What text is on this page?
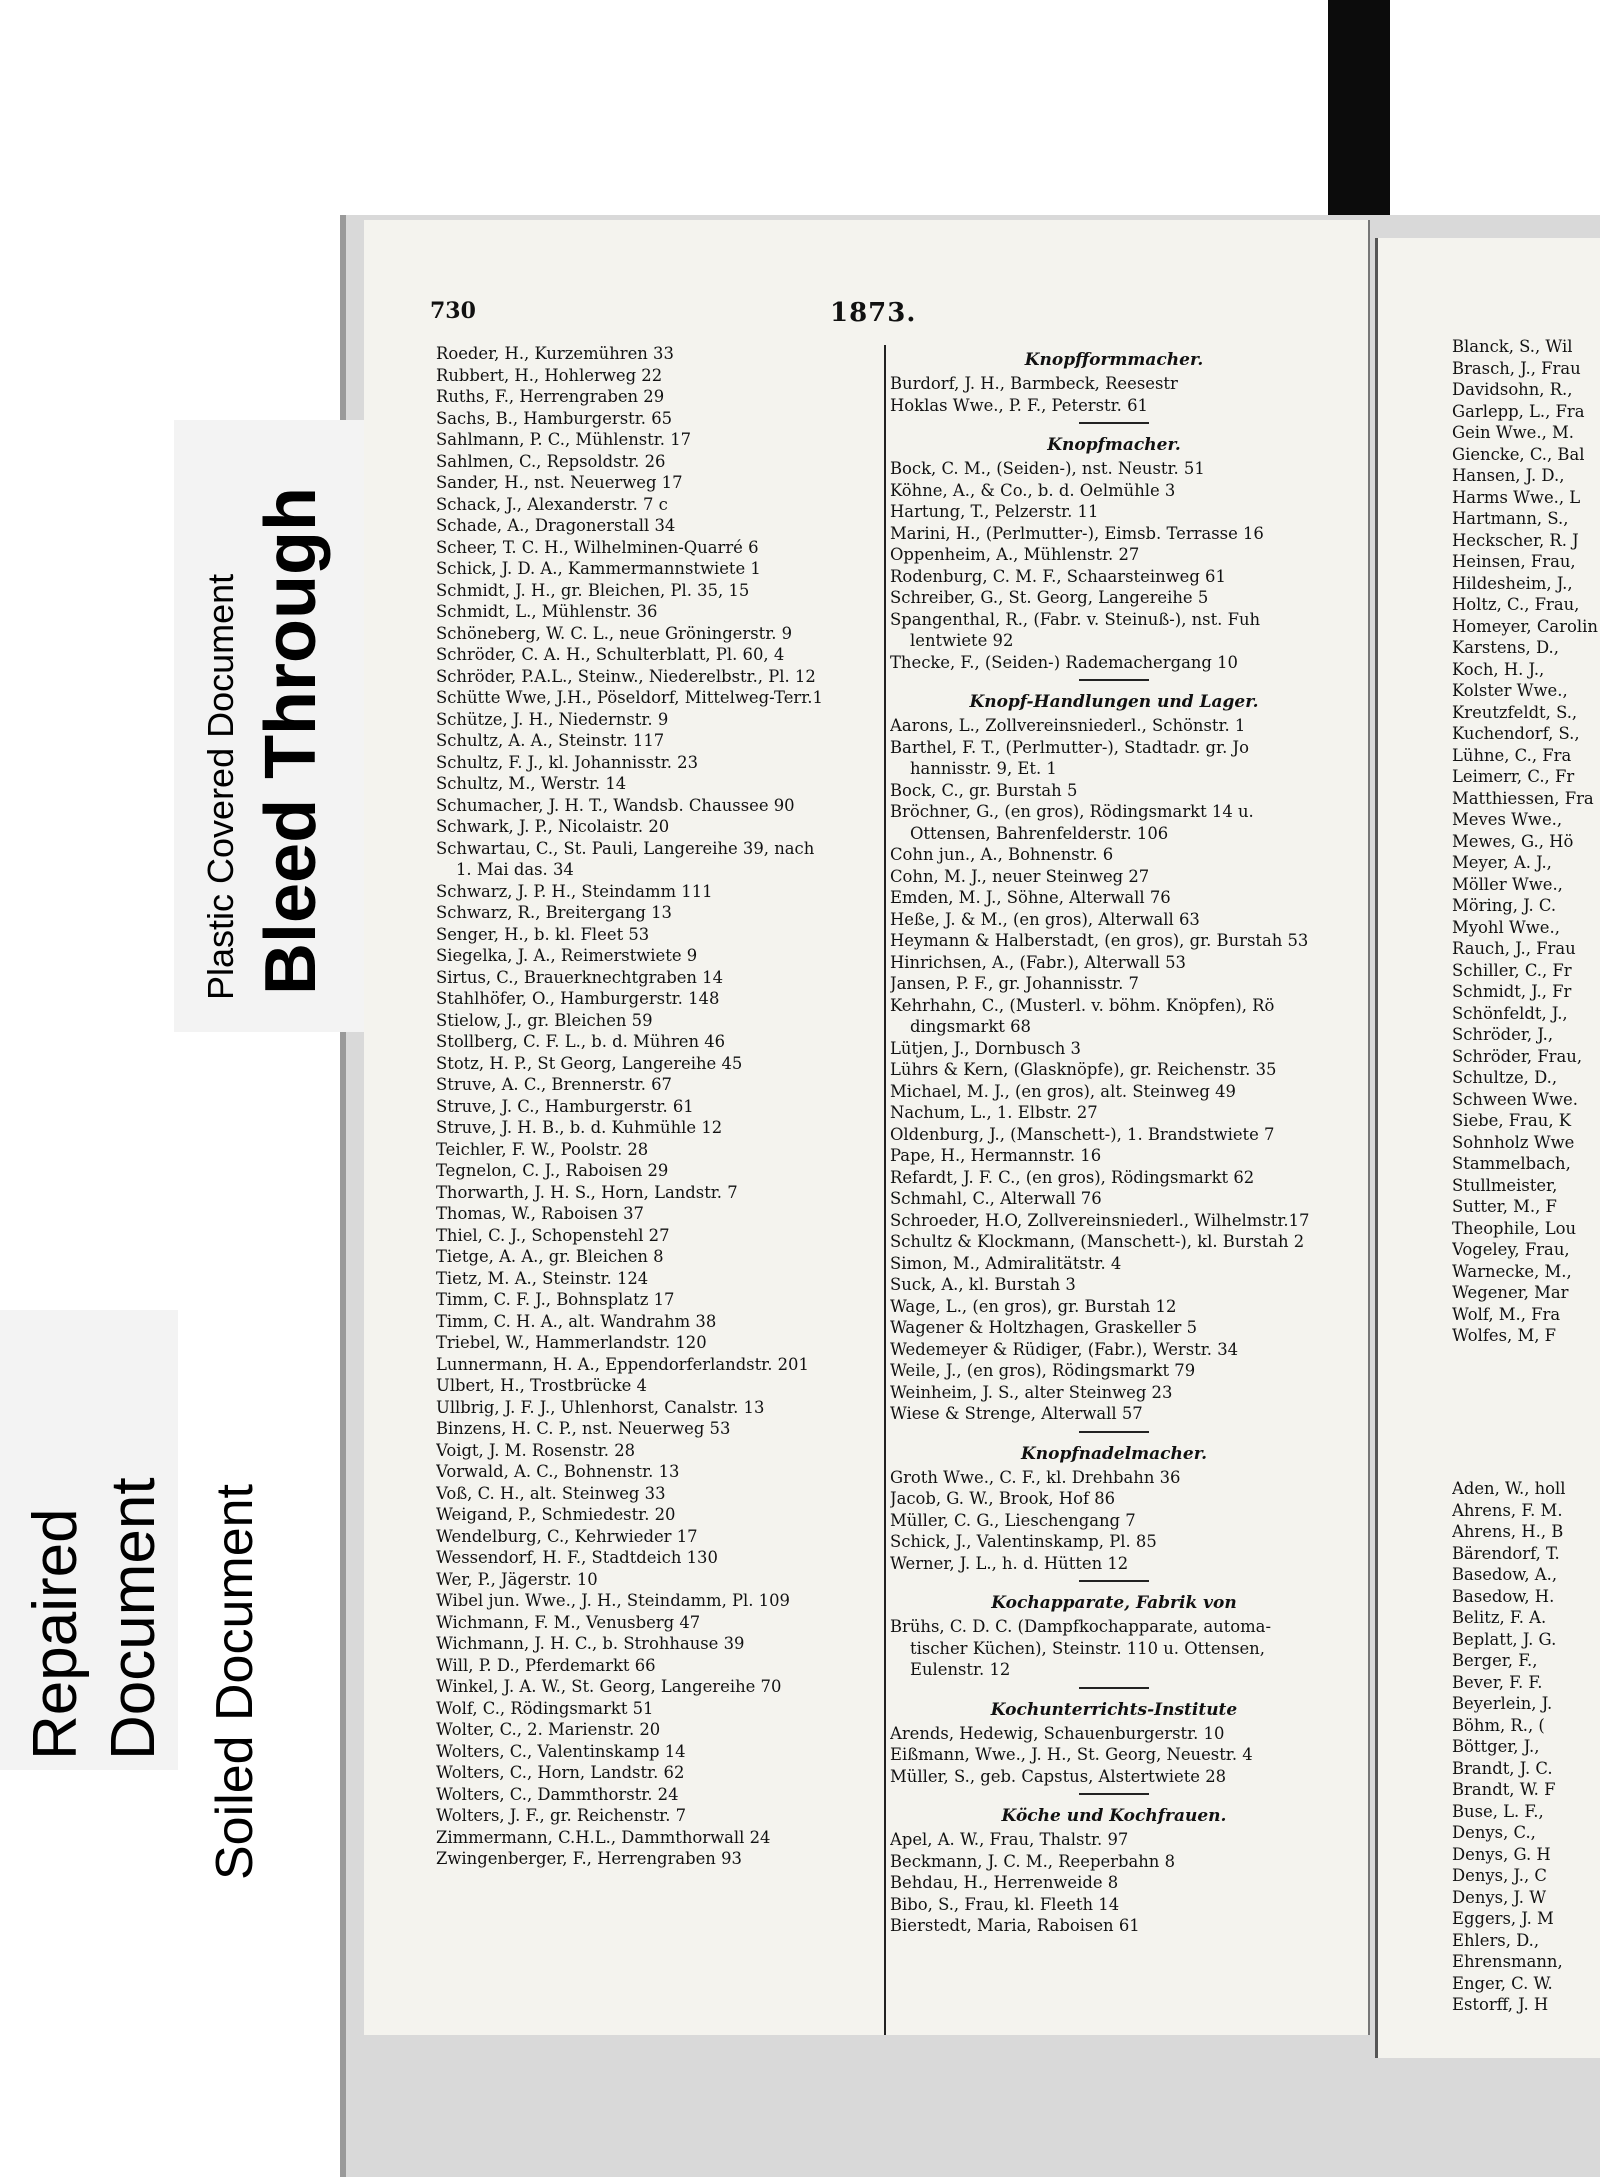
730	1873.
Roeder, H., Kurzemühren 33
Rubbert, H., Hohlerweg 22
Ruths, F., Herrengraben 29
Sachs, B., Hamburgerstr. 65
Sahlmann, P. C., Mühlenstr. 17
Sahlmen, C., Repsoldstr. 26
Sander, H., nst. Neuerweg 17
Schack, J., Alexanderstr. 7 c
Schade, A., Dragonerstall 34
Scheer, T. C. H., Wilhelminen-Quarré 6
Schick, J. D. A., Kammermannstwiete 1
Schmidt, J. H., gr. Bleichen, Pl. 35, 15
Schmidt, L., Mühlenstr. 36
Schöneberg, W. C. L., neue Gröningerstr. 9
Schröder, C. A. H., Schulterblatt, Pl. 60, 4
Schröder, P.A.L., Steinw., Niederelbstr., Pl. 12
Schütte Wwe, J.H., Pöseldorf, Mittelweg-Terr.1
Schütze, J. H., Niedernstr. 9
Schultz, A. A., Steinstr. 117
Schultz, F. J., kl. Johannisstr. 23
Schultz, M., Werstr. 14
Schumacher, J. H. T., Wandsb. Chaussee 90
Schwark, J. P., Nicolaistr. 20
Schwartau, C., St. Pauli, Langereihe 39, nach
1. Mai das. 34
Schwarz, J. P. H., Steindamm 111
Schwarz, R., Breitergang 13
Senger, H., b. kl. Fleet 53
Siegelka, J. A., Reimerstwiete 9
Sirtus, C., Brauerknechtgraben 14
Stahlhöfer, O., Hamburgerstr. 148
Stielow, J., gr. Bleichen 59
Stollberg, C. F. L., b. d. Mühren 46
Stotz, H. P., St Georg, Langereihe 45
Struve, A. C., Brennerstr. 67
Struve, J. C., Hamburgerstr. 61
Struve, J. H. B., b. d. Kuhmühle 12
Teichler, F. W., Poolstr. 28
Tegnelon, C. J., Raboisen 29
Thorwarth, J. H. S., Horn, Landstr. 7
Thomas, W., Raboisen 37
Thiel, C. J., Schopenstehl 27
Tietge, A. A., gr. Bleichen 8
Tietz, M. A., Steinstr. 124
Timm, C. F. J., Bohnsplatz 17
Timm, C. H. A., alt. Wandrahm 38
Triebel, W., Hammerlandstr. 120
Lunnermann, H. A., Eppendorferlandstr. 201
Ulbert, H., Trostbrücke 4
Ullbrig, J. F. J., Uhlenhorst, Canalstr. 13
Binzens, H. C. P., nst. Neuerweg 53
Voigt, J. M. Rosenstr. 28
Vorwald, A. C., Bohnenstr. 13
Voß, C. H., alt. Steinweg 33
Weigand, P., Schmiedestr. 20
Wendelburg, C., Kehrwieder 17
Wessendorf, H. F., Stadtdeich 130
Wer, P., Jägerstr. 10
Wibel jun. Wwe., J. H., Steindamm, Pl. 109
Wichmann, F. M., Venusberg 47
Wichmann, J. H. C., b. Strohhause 39
Will, P. D., Pferdemarkt 66
Winkel, J. A. W., St. Georg, Langereihe 70
Wolf, C., Rödingsmarkt 51
Wolter, C., 2. Marienstr. 20
Wolters, C., Valentinskamp 14
Wolters, C., Horn, Landstr. 62
Wolters, C., Dammthorstr. 24
Wolters, J. F., gr. Reichenstr. 7
Zimmermann, C.H.L., Dammthorwall 24
Zwingenberger, F., Herrengraben 93
Knopfformmacher.
Burdorf, J. H., Barmbeck, Reesestr
Hoklas Wwe., P. F., Peterstr. 61
Knopfmacher.
Bock, C. M., (Seiden-), nst. Neustr. 51
Köhne, A., & Co., b. d. Oelmühle 3
Hartung, T., Pelzerstr. 11
Marini, H., (Perlmutter-), Eimsb. Terrasse 16
Oppenheim, A., Mühlenstr. 27
Rodenburg, C. M. F., Schaarsteinweg 61
Schreiber, G., St. Georg, Langereihe 5
Spangenthal, R., (Fabr. v. Steinuß-), nst. Fuh
lentwiete 92
Thecke, F., (Seiden-) Rademachergang 10
Knopf-Handlungen und Lager.
Aarons, L., Zollvereinsniederl., Schönstr. 1
Barthel, F. T., (Perlmutter-), Stadtadr. gr. Jo
hannisstr. 9, Et. 1
Bock, C., gr. Burstah 5
Bröchner, G., (en gros), Rödingsmarkt 14 u.
Ottensen, Bahrenfelderstr. 106
Cohn jun., A., Bohnenstr. 6
Cohn, M. J., neuer Steinweg 27
Emden, M. J., Söhne, Alterwall 76
Heße, J. & M., (en gros), Alterwall 63
Heymann & Halberstadt, (en gros), gr. Burstah 53
Hinrichsen, A., (Fabr.), Alterwall 53
Jansen, P. F., gr. Johannisstr. 7
Kehrhahn, C., (Musterl. v. böhm. Knöpfen), Rö
dingsmarkt 68
Lütjen, J., Dornbusch 3
Lührs & Kern, (Glasknöpfe), gr. Reichenstr. 35
Michael, M. J., (en gros), alt. Steinweg 49
Nachum, L., 1. Elbstr. 27
Oldenburg, J., (Manschett-), 1. Brandstwiete 7
Pape, H., Hermannstr. 16
Refardt, J. F. C., (en gros), Rödingsmarkt 62
Schmahl, C., Alterwall 76
Schroeder, H.O, Zollvereinsniederl., Wilhelmstr.17
Schultz & Klockmann, (Manschett-), kl. Burstah 2
Simon, M., Admiralitätstr. 4
Suck, A., kl. Burstah 3
Wage, L., (en gros), gr. Burstah 12
Wagener & Holtzhagen, Graskeller 5
Wedemeyer & Rüdiger, (Fabr.), Werstr. 34
Weile, J., (en gros), Rödingsmarkt 79
Weinheim, J. S., alter Steinweg 23
Wiese & Strenge, Alterwall 57
Knopfnadelmacher.
Groth Wwe., C. F., kl. Drehbahn 36
Jacob, G. W., Brook, Hof 86
Müller, C. G., Lieschengang 7
Schick, J., Valentinskamp, Pl. 85
Werner, J. L., h. d. Hütten 12
Kochapparate, Fabrik von
Brühs, C. D. C. (Dampfkochapparate, automa-
tischer Küchen), Steinstr. 110 u. Ottensen,
Eulenstr. 12
Kochunterrichts-Institute
Arends, Hedewig, Schauenburgerstr. 10
Eißmann, Wwe., J. H., St. Georg, Neuestr. 4
Müller, S., geb. Capstus, Alstertwiete 28
Köche und Kochfrauen.
Apel, A. W., Frau, Thalstr. 97
Beckmann, J. C. M., Reeperbahn 8
Behdau, H., Herrenweide 8
Bibo, S., Frau, kl. Fleeth 14
Bierstedt, Maria, Raboisen 61
Blanck, S., Wil
Brasch, J., Frau
Davidsohn, R.,
Garlepp, L., Fra
Gein Wwe., M.
Giencke, C., Bal
Hansen, J. D.,
Harms Wwe., L
Hartmann, S.,
Heckscher, R. J
Heinsen, Frau,
Hildesheim, J.,
Holtz, C., Frau,
Homeyer, Carolin
Karstens, D.,
Koch, H. J.,
Kolster Wwe.,
Kreutzfeldt, S.,
Kuchendorf, S.,
Lühne, C., Fra
Leimerr, C., Fr
Matthiessen, Fra
Meves Wwe.,
Mewes, G., Hö
Meyer, A. J.,
Möller Wwe.,
Möring, J. C.
Myohl Wwe.,
Rauch, J., Frau
Schiller, C., Fr
Schmidt, J., Fr
Schönfeldt, J.,
Schröder, J.,
Schröder, Frau,
Schultze, D.,
Schween Wwe.
Siebe, Frau, K
Sohnholz Wwe
Stammelbach,
Stullmeister,
Sutter, M., F
Theophile, Lou
Vogeley, Frau,
Warnecke, M.,
Wegener, Mar
Wolf, M., Fra
Wolfes, M, F
Aden, W., holl
Ahrens, F. M.
Ahrens, H., B
Bärendorf, T.
Basedow, A.,
Basedow, H.
Belitz, F. A.
Beplatt, J. G.
Berger, F.,
Bever, F. F.
Beyerlein, J.
Böhm, R., (
Böttger, J.,
Brandt, J. C.
Brandt, W. F
Buse, L. F.,
Denys, C.,
Denys, G. H
Denys, J., C
Denys, J. W
Eggers, J. M
Ehlers, D.,
Ehrensmann,
Enger, C. W.
Estorff, J. H
Plastic Covered Document Bleed Through
Repaired Document Soiled Document
